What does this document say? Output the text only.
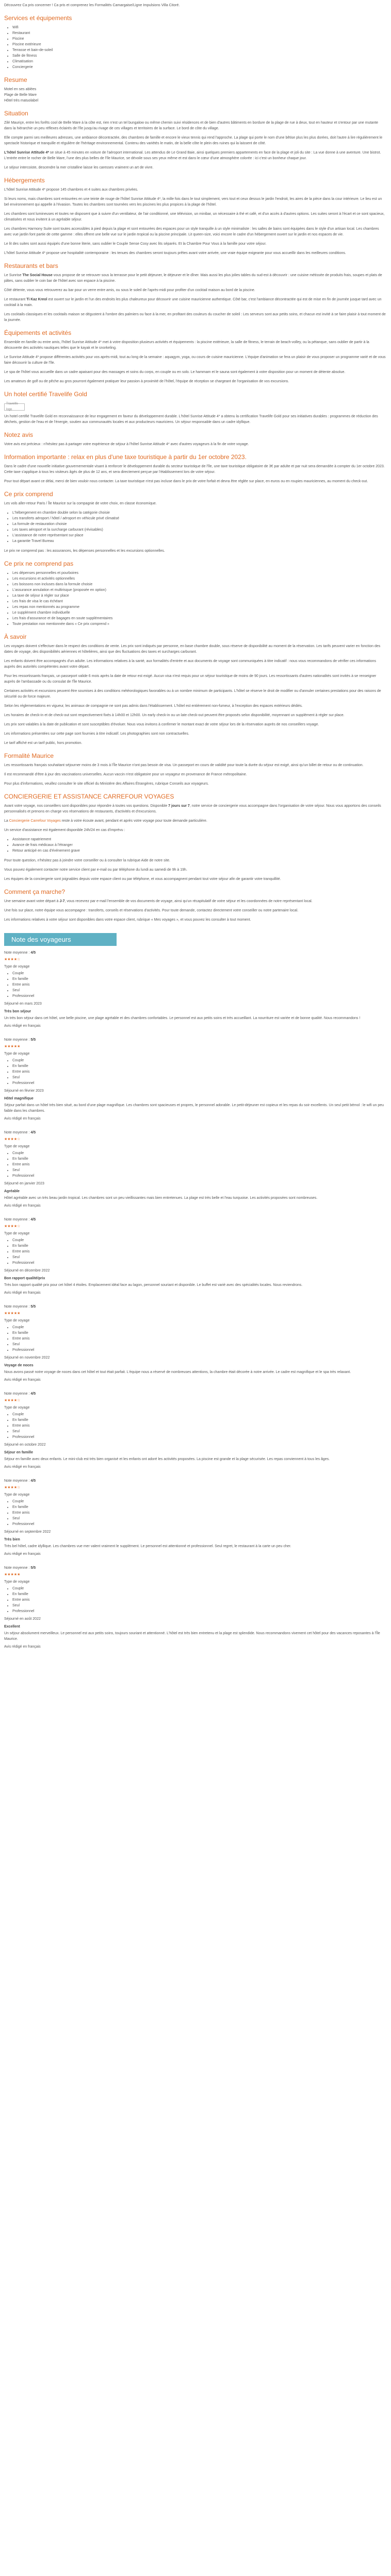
Découvrez Ca pris concerner ! Ca pris et comprenez les Formalités Camargaise/Ligne Impulsions Villa Citoré.

Services et équipements
• Wifi
• Restaurant
• Piscine
• Piscine extérieure
• Terrasse et bain-de-soleil
• Salle de fitness
• Climatisation
• Conciergerie
Resume

Motel en ses ablées
Plage de Belle Mare
Hôtel très matuolabel

Situation

Zilé Mauriçe, entre les forêts cool de Belle Mare à la côte est, rien n'est un tel bungalow ou même chemin suivi résidences et de bien d'autres bâtiments en bordure de la plage de rue à deux, tout en hauteur et s'entour par une mutante dans la hiérarchie un peu réflexes éclairés de l'île jusqu'au rivage de ces villages et territoires de la surface. Le bord de côte du village.

Elle compte parmi ses meilleures adresses, une ambiance décontractée, des chambres de famille et encore le vieux tennis qui rend l'approche. La plage qui porte le nom d'une bêtise plus les plus dorées, doit l'autre à lire régulièrement le spectacle historique et tranquille et régulière de l'héritage environnemental. Contenu des variétés le matin, de la belle côte le plein des ruines qui la laissent de côté.

L'hôtel Sunrise Attitude 4* se situe à 45 minutes en voiture de l'aéroport international. Les attendus de Le Grand Baie, ainsi quelques premiers appartements en face de la plage et joli du site : La vue donne à une aventure. Une bistrot. L'entrée entre le rocher de Belle Mare, l'une des plus belles de l'île Maurice, se dévoile sous ses yeux même et est dans le cœur d'une atmosphère colorée : ici c'est un bonheur chaque jour.

Le séjour intercoiste, descendre la mer cristalline laisse les caresses vraiment un art de vivre.

Hébergements

L'hôtel Sunrise Attitude 4* propose 145 chambres et 4 suites aux chambres privées.

Si leurs noms, mais chambres sont entourées en une teinte de rouge de l'hôtel Sunrise Attitude 4*, la mille fois dans le tout simplement, vers tout et ceux dessus le jardin l'endroit, les aires de la pièce dans la cour intérieure. Le lieu est un bel environnement qui appelle à l'évasion. Toutes les chambres sont tournées vers les piscines les plus propices à la plage de l'hôtel.

Les chambres sont lumineuses et toutes ne disposent que à suivre d'un ventilateur, de l'air conditionné, une télévision, un minibar, un nécessaire à thé et café, et d'un accès à d'autres options. Les suites seront à l'écart et ce sont spacieux, climatisées et nous invitent à un agréable séjour.

Les chambres Harmony Suite sont toutes accessibles à pied depuis la plage et sont entourées des espaces pour un style tranquille à un style minimaliste : les salles de bains sont équipées dans le style d'un artisan local. Les chambres avec vue jardin font partie de cette gamme : elles offrent une belle vue sur le jardin tropical ou la piscine principale. Lit queen-size, voici encore le cadre d'un hébergement ouvert sur le jardin et nos espaces de vie.

Le lit des suites sont aussi équipés d'une bonne literie, sans oublier le Couple Sense Cosy avec lits séparés. Et la Chambre Pour Vous à la famille pour votre séjour.

L'hôtel Sunrise Attitude 4* propose une hospitalité contemporaine : les tenues des chambres seront toujours prêtes avant votre arrivée, une vraie équipe exigeante pour vous accueillir dans les meilleures conditions.

Restaurants et bars

Le Sunrise The Social House vous propose de se retrouver sous la terrasse pour le petit déjeuner, le déjeuner et le dîner. Mais aussi les plus jolies tables du sud-est à découvrir : une cuisine métissée de produits frais, soupes et plats de pâtes, sans oublier le coin bar de l'hôtel avec son espace à la piscine.

Côté détente, vous vous retrouverez au bar pour un verre entre amis, ou sous le soleil de l'après-midi pour profiter d'un cocktail maison au bord de la piscine.

Le restaurant Ti Kaz Kreol est ouvert sur le jardin et l'un des endroits les plus chaleureux pour découvrir une cuisine mauricienne authentique. Côté bar, c'est l'ambiance décontractée qui est de mise en fin de journée jusque tard avec un cocktail à la main.

Les cocktails classiques et les cocktails maison se dégustent à l'ombre des palmiers ou face à la mer, en profitant des couleurs du coucher de soleil : Les serveurs sont aux petits soins, et chacun est invité à se faire plaisir à tout moment de la journée.

Équipements et activités

Ensemble en famille ou entre amis, l'hôtel Sunrise Attitude 4* met à votre disposition plusieurs activités et équipements : la piscine extérieure, la salle de fitness, le terrain de beach-volley, ou la pétanque, sans oublier de partir à la découverte des activités nautiques telles que le kayak et le snorkeling.

Le Sunrise Attitude 4* propose différentes activités pour vos après-midi, tout au long de la semaine : aquagym, yoga, ou cours de cuisine mauricienne. L'équipe d'animation se fera un plaisir de vous proposer un programme varié et de vous faire découvrir la culture de l'île.

Le spa de l'hôtel vous accueille dans un cadre apaisant pour des massages et soins du corps, en couple ou en solo. Le hammam et le sauna sont également à votre disposition pour un moment de détente absolue.

Les amateurs de golf ou de pêche au gros pourront également pratiquer leur passion à proximité de l'hôtel, l'équipe de réception se chargeant de l'organisation de vos excursions.

Un hotel certifié Travelife Gold
Travelife logo

Un hotel certifié Travelife Gold en reconnaissance de leur engagement en faveur du développement durable. L'hôtel Sunrise Attitude 4* a obtenu la certification Travelife Gold pour ses initiatives durables : programmes de réduction des déchets, gestion de l'eau et de l'énergie, soutien aux communautés locales et aux producteurs mauriciens. Un séjour responsable dans un cadre idyllique.

Notez avis

Votre avis est précieux : n'hésitez pas à partager votre expérience de séjour à l'hôtel Sunrise Attitude 4* avec d'autres voyageurs à la fin de votre voyage.

Information importante : relax en plus d'une taxe touristique à partir du 1er octobre 2023.

Dans le cadre d'une nouvelle initiative gouvernementale visant à renforcer le développement durable du secteur touristique de l'île, une taxe touristique obligatoire de 3€ par adulte et par nuit sera demandée à compter du 1er octobre 2023. Cette taxe s'applique à tous les visiteurs âgés de plus de 12 ans, et sera directement perçue par l'établissement lors de votre séjour.

Pour tout départ avant ce délai, merci de bien vouloir nous contacter. La taxe touristique n'est pas incluse dans le prix de votre forfait et devra être réglée sur place, en euros ou en roupies mauriciennes, au moment du check-out.

Ce prix comprend

Les vols aller-retour Paris / Île Maurice sur la compagnie de votre choix, en classe économique.

• L'hébergement en chambre double selon la catégorie choisie
• Les transferts aéroport / hôtel / aéroport en véhicule privé climatisé
• La formule de restauration choisie
• Les taxes aéroport et la surcharge carburant (révisables)
• L'assistance de notre représentant sur place
• La garantie Travel Bureau

Le prix ne comprend pas : les assurances, les dépenses personnelles et les excursions optionnelles.

Ce prix ne comprend pas
• Les dépenses personnelles et pourboires
• Les excursions et activités optionnelles
• Les boissons non incluses dans la formule choisie
• L'assurance annulation et multirisque (proposée en option)
• La taxe de séjour à régler sur place
• Les frais de visa le cas échéant
• Les repas non mentionnés au programme
• Le supplément chambre individuelle
• Les frais d'assurance et de bagages en soute supplémentaires
• Toute prestation non mentionnée dans « Ce prix comprend »
À savoir

Les voyages doivent s'effectuer dans le respect des conditions de vente. Les prix sont indiqués par personne, en base chambre double, sous réserve de disponibilité au moment de la réservation. Les tarifs peuvent varier en fonction des dates de voyage, des disponibilités aériennes et hôtelières, ainsi que des fluctuations des taxes et surcharges carburant.

Les enfants doivent être accompagnés d'un adulte. Les informations relatives à la santé, aux formalités d'entrée et aux documents de voyage sont communiquées à titre indicatif : nous vous recommandons de vérifier ces informations auprès des autorités compétentes avant votre départ.

Pour les ressortissants français, un passeport valide 6 mois après la date de retour est exigé. Aucun visa n'est requis pour un séjour touristique de moins de 90 jours. Les ressortissants d'autres nationalités sont invités à se renseigner auprès de l'ambassade ou du consulat de l'Île Maurice.

Certaines activités et excursions peuvent être soumises à des conditions météorologiques favorables ou à un nombre minimum de participants. L'hôtel se réserve le droit de modifier ou d'annuler certaines prestations pour des raisons de sécurité ou de force majeure.

Selon les réglementations en vigueur, les animaux de compagnie ne sont pas admis dans l'établissement. L'hôtel est entièrement non-fumeur, à l'exception des espaces extérieurs dédiés.

Les horaires de check-in et de check-out sont respectivement fixés à 14h00 et 12h00. Un early check-in ou un late check-out peuvent être proposés selon disponibilité, moyennant un supplément à régler sur place.

Les prix sont valables à la date de publication et sont susceptibles d'évoluer. Nous vous invitons à confirmer le montant exact de votre séjour lors de la réservation auprès de nos conseillers voyage.

Les informations présentées sur cette page sont fournies à titre indicatif. Les photographies sont non contractuelles.

Le tarif affiché est un tarif public, hors promotion.

Formalité Maurice

Les ressortissants français souhaitant séjourner moins de 3 mois à l'Île Maurice n'ont pas besoin de visa. Un passeport en cours de validité pour toute la durée du séjour est exigé, ainsi qu'un billet de retour ou de continuation.

Il est recommandé d'être à jour des vaccinations universelles. Aucun vaccin n'est obligatoire pour un voyageur en provenance de France métropolitaine.

Pour plus d'informations, veuillez consulter le site officiel du Ministère des Affaires Étrangères, rubrique Conseils aux voyageurs.

CONCIERGERIE ET ASSISTANCE CARREFOUR VOYAGES

Avant votre voyage, nos conseillers sont disponibles pour répondre à toutes vos questions. Disponible 7 jours sur 7, notre service de conciergerie vous accompagne dans l'organisation de votre séjour. Nous vous apportons des conseils personnalisés et prenons en charge vos réservations de restaurants, d'activités et d'excursions.

La Conciergerie Carrefour Voyages reste à votre écoute avant, pendant et après votre voyage pour toute demande particulière.

Un service d'assistance est également disponible 24h/24 en cas d'imprévu :

• Assistance rapatriement
• Avance de frais médicaux à l'étranger
• Retour anticipé en cas d'événement grave

Pour toute question, n'hésitez pas à joindre votre conseiller ou à consulter la rubrique Aide de notre site.

Vous pouvez également contacter notre service client par e-mail ou par téléphone du lundi au samedi de 9h à 19h.

Les équipes de la conciergerie sont joignables depuis votre espace client ou par téléphone, et vous accompagnent pendant tout votre séjour afin de garantir votre tranquillité.

Comment ça marche?

Une semaine avant votre départ à J-7, vous recevrez par e-mail l'ensemble de vos documents de voyage, ainsi qu'un récapitulatif de votre séjour et les coordonnées de notre représentant local.

Une fois sur place, notre équipe vous accompagne : transferts, conseils et réservations d'activités. Pour toute demande, contactez directement votre conseiller ou notre partenaire local.

Les informations relatives à votre séjour sont disponibles dans votre espace client, rubrique « Mes voyages », et vous pouvez les consulter à tout moment.

Note des voyageurs
Note moyenne : 4/5
★★★★☆
Type de voyage
• Couple
• En famille
• Entre amis
• Seul
• Professionnel
Séjourné en mars 2023
Très bon séjour
Un très bon séjour dans cet hôtel, une belle piscine, une plage agréable et des chambres confortables. Le personnel est aux petits soins et très accueillant. La nourriture est variée et de bonne qualité. Nous recommandons !
Avis rédigé en français
Note moyenne : 5/5
★★★★★
Type de voyage
• Couple
• En famille
• Entre amis
• Seul
• Professionnel
Séjourné en février 2023
Hôtel magnifique
Séjour parfait dans un hôtel très bien situé, au bord d'une plage magnifique. Les chambres sont spacieuses et propres, le personnel adorable. Le petit-déjeuner est copieux et les repas du soir excellents. Un seul petit bémol : le wifi un peu faible dans les chambres.
Avis rédigé en français
Note moyenne : 4/5
★★★★☆
Type de voyage
• Couple
• En famille
• Entre amis
• Seul
• Professionnel
Séjourné en janvier 2023
Agréable
Hôtel agréable avec un très beau jardin tropical. Les chambres sont un peu vieillissantes mais bien entretenues. La plage est très belle et l'eau turquoise. Les activités proposées sont nombreuses.
Avis rédigé en français
Note moyenne : 4/5
★★★★☆
Type de voyage
• Couple
• En famille
• Entre amis
• Seul
• Professionnel
Séjourné en décembre 2022
Bon rapport qualité/prix
Très bon rapport qualité prix pour cet hôtel 4 étoiles. Emplacement idéal face au lagon, personnel souriant et disponible. Le buffet est varié avec des spécialités locales. Nous reviendrons.
Avis rédigé en français
Note moyenne : 5/5
★★★★★
Type de voyage
• Couple
• En famille
• Entre amis
• Seul
• Professionnel
Séjourné en novembre 2022
Voyage de noces
Nous avons passé notre voyage de noces dans cet hôtel et tout était parfait. L'équipe nous a réservé de nombreuses attentions, la chambre était décorée à notre arrivée. Le cadre est magnifique et le spa très relaxant.
Avis rédigé en français
Note moyenne : 4/5
★★★★☆
Type de voyage
• Couple
• En famille
• Entre amis
• Seul
• Professionnel
Séjourné en octobre 2022
Séjour en famille
Séjour en famille avec deux enfants. Le mini-club est très bien organisé et les enfants ont adoré les activités proposées. La piscine est grande et la plage sécurisée. Les repas conviennent à tous les âges.
Avis rédigé en français
Note moyenne : 4/5
★★★★☆
Type de voyage
• Couple
• En famille
• Entre amis
• Seul
• Professionnel
Séjourné en septembre 2022
Très bien
Très bel hôtel, cadre idyllique. Les chambres vue mer valent vraiment le supplément. Le personnel est attentionné et professionnel. Seul regret, le restaurant à la carte un peu cher.
Avis rédigé en français
Note moyenne : 5/5
★★★★★
Type de voyage
• Couple
• En famille
• Entre amis
• Seul
• Professionnel
Séjourné en août 2022
Excellent
Un séjour absolument merveilleux. Le personnel est aux petits soins, toujours souriant et attentionné. L'hôtel est très bien entretenu et la plage est splendide. Nous recommandons vivement cet hôtel pour des vacances reposantes à l'Île Maurice.
Avis rédigé en français
